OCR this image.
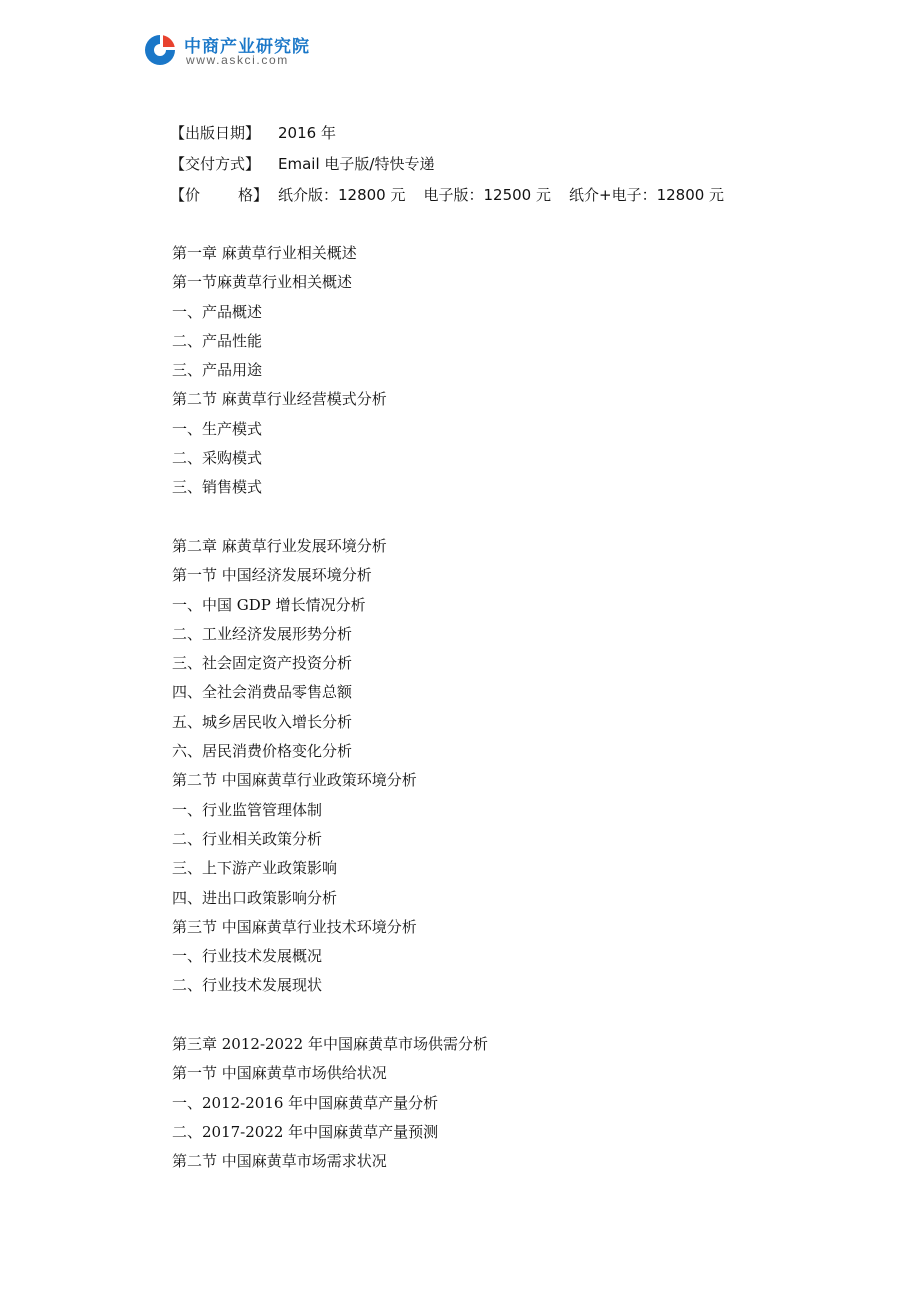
中商产业研究院
www.askci.com
【出版日期】	2016 年
【交付方式】	Email 电子版/特快专递
【价	格】 纸介版：12800 元 电子版：12500 元 纸介+电子：12800 元
第一章 麻黄草行业相关概述
第一节麻黄草行业相关概述
一、产品概述
二、产品性能
三、产品用途
第二节 麻黄草行业经营模式分析
一、生产模式
二、采购模式
三、销售模式
第二章 麻黄草行业发展环境分析
第一节 中国经济发展环境分析
一、中国 GDP 增长情况分析
二、工业经济发展形势分析
三、社会固定资产投资分析
四、全社会消费品零售总额
五、城乡居民收入增长分析
六、居民消费价格变化分析
第二节 中国麻黄草行业政策环境分析
一、行业监管管理体制
二、行业相关政策分析
三、上下游产业政策影响
四、进出口政策影响分析
第三节 中国麻黄草行业技术环境分析
一、行业技术发展概况
二、行业技术发展现状
第三章 2012-2022 年中国麻黄草市场供需分析
第一节 中国麻黄草市场供给状况
一、2012-2016 年中国麻黄草产量分析
二、2017-2022 年中国麻黄草产量预测
第二节 中国麻黄草市场需求状况
